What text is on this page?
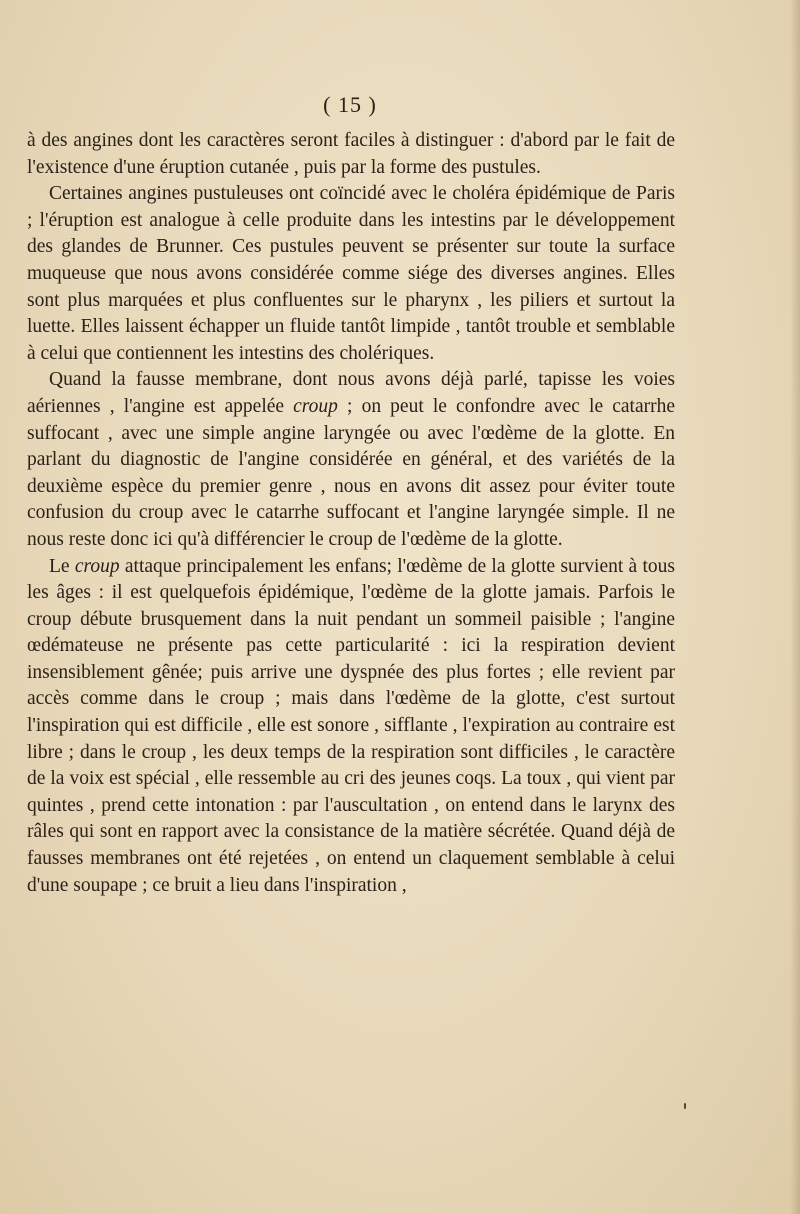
( 15 )

à des angines dont les caractères seront faciles à distinguer : d'abord par le fait de l'existence d'une éruption cutanée , puis par la forme des pustules.

Certaines angines pustuleuses ont coïncidé avec le choléra épidémique de Paris ; l'éruption est analogue à celle produite dans les intestins par le développement des glandes de Brunner. Ces pustules peuvent se présenter sur toute la surface muqueuse que nous avons considérée comme siége des diverses angines. Elles sont plus marquées et plus confluentes sur le pharynx , les piliers et surtout la luette. Elles laissent échapper un fluide tantôt limpide , tantôt trouble et semblable à celui que contiennent les intestins des cholériques.

Quand la fausse membrane, dont nous avons déjà parlé, tapisse les voies aériennes , l'angine est appelée croup ; on peut le confondre avec le catarrhe suffocant , avec une simple angine laryngée ou avec l'œdème de la glotte. En parlant du diagnostic de l'angine considérée en général, et des variétés de la deuxième espèce du premier genre , nous en avons dit assez pour éviter toute confusion du croup avec le catarrhe suffocant et l'angine laryngée simple. Il ne nous reste donc ici qu'à différencier le croup de l'œdème de la glotte.

Le croup attaque principalement les enfans; l'œdème de la glotte survient à tous les âges : il est quelquefois épidémique, l'œdème de la glotte jamais. Parfois le croup débute brusquement dans la nuit pendant un sommeil paisible ; l'angine œdémateuse ne présente pas cette particularité : ici la respiration devient insensiblement gênée; puis arrive une dyspnée des plus fortes ; elle revient par accès comme dans le croup ; mais dans l'œdème de la glotte, c'est surtout l'inspiration qui est difficile , elle est sonore , sifflante , l'expiration au contraire est libre ; dans le croup , les deux temps de la respiration sont difficiles , le caractère de la voix est spécial , elle ressemble au cri des jeunes coqs. La toux , qui vient par quintes , prend cette intonation : par l'auscultation , on entend dans le larynx des râles qui sont en rapport avec la consistance de la matière sécrétée. Quand déjà de fausses membranes ont été rejetées , on entend un claquement semblable à celui d'une soupape ; ce bruit a lieu dans l'inspiration ,
